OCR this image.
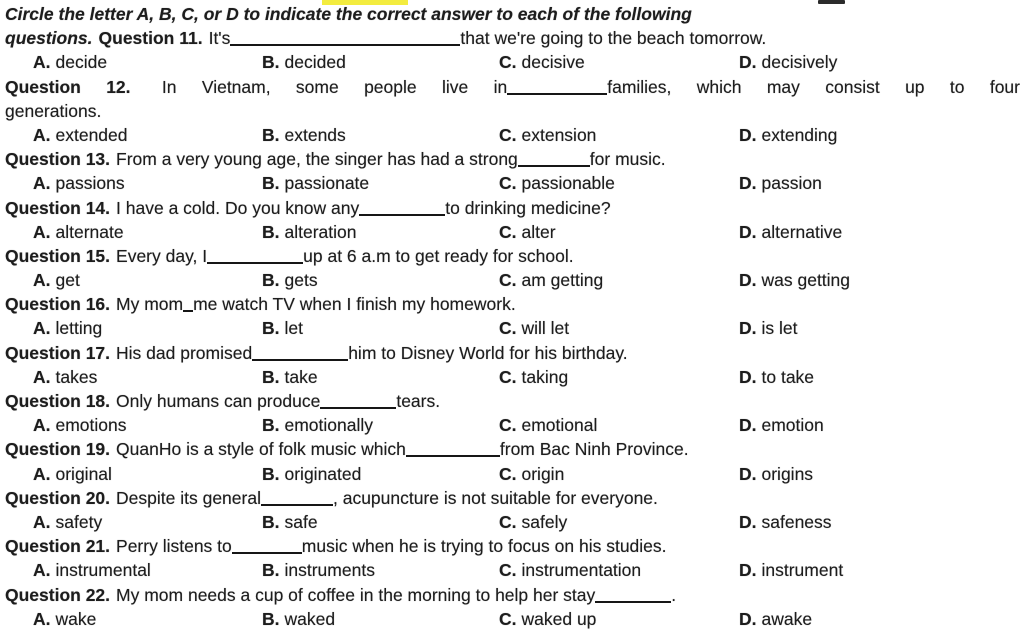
Circle the letter A, B, C, or D to indicate the correct answer to each of the following
questions. Question 11. It's	that we're going to the beach tomorrow.
A. decide	B. decided	C. decisive	D. decisively
Question 12. In Vietnam, some people live in	families, which may consist up to four
generations.
A. extended	B. extends	C. extension	D. extending
Question 13. From a very young age, the singer has had a strong	for music.
A. passions	B. passionate	C. passionable	D. passion
Question 14. I have a cold. Do you know any	to drinking medicine?
A. alternate	B. alteration	C. alter	D. alternative
Question 15. Every day, I	up at 6 a.m to get ready for school.
A. get	B. gets	C. am getting	D. was getting
Question 16. My mom me watch TV when I finish my homework.
A. letting	B. let	C. will let	D. is let
Question 17. His dad promised	him to Disney World for his birthday.
A. takes	B. take	C. taking	D. to take
Question 18. Only humans can produce	tears.
A. emotions	B. emotionally	C. emotional	D. emotion
Question 19. QuanHo is a style of folk music which	from Bac Ninh Province.
A. original	B. originated	C. origin	D. origins
Question 20. Despite its general	, acupuncture is not suitable for everyone.
A. safety	B. safe	C. safely	D. safeness
Question 21. Perry listens to	music when he is trying to focus on his studies.
A. instrumental	B. instruments	C. instrumentation	D. instrument
Question 22. My mom needs a cup of coffee in the morning to help her stay	.
A. wake	B. waked	C. waked up	D. awake
